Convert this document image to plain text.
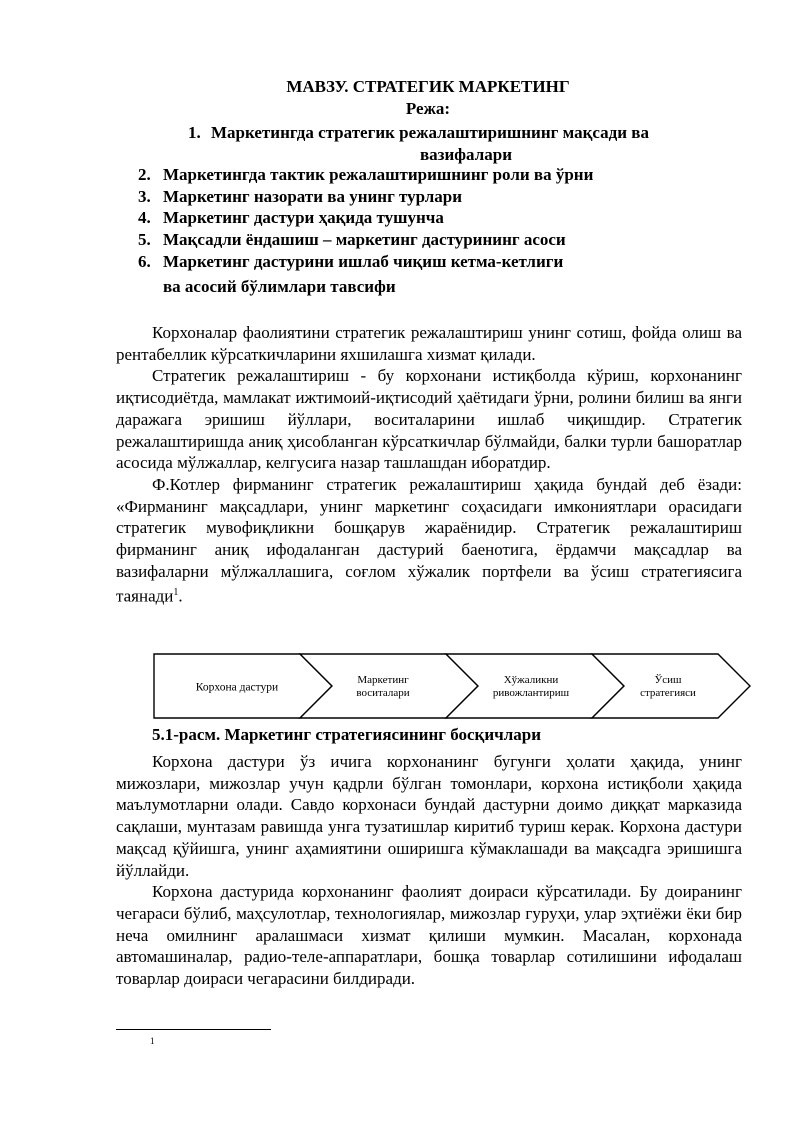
МАВЗУ. СТРАТЕГИК МАРКЕТИНГ
Режа:
1. Маркетингда стратегик режалаштиришнинг мақсади ва
вазифалари
2. Маркетингда тактик режалаштиришнинг роли ва ўрни
3. Маркетинг назорати ва унинг турлари
4. Маркетинг дастури ҳақида тушунча
5. Мақсадли ёндашиш – маркетинг дастурининг асоси
6. Маркетинг дастурини ишлаб чиқиш кетма-кетлиги
ва асосий бўлимлари тавсифи

Корхоналар фаолиятини стратегик режалаштириш унинг сотиш, фойда олиш ва рентабеллик кўрсаткичларини яхшилашга хизмат қилади.

Стратегик режалаштириш - бу корхонани истиқболда кўриш, корхонанинг иқтисодиётда, мамлакат ижтимоий-иқтисодий ҳаётидаги ўрни, ролини билиш ва янги даражага эришиш йўллари, воситаларини ишлаб чиқишдир. Стратегик режалаштиришда аниқ ҳисобланган кўрсаткичлар бўлмайди, балки турли башоратлар асосида мўлжаллар, келгусига назар ташлашдан иборатдир.

Ф.Котлер фирманинг стратегик режалаштириш ҳақида бундай деб ёзади: «Фирманинг мақсадлари, унинг маркетинг соҳасидаги имкониятлари орасидаги стратегик мувофиқликни бошқарув жараёнидир. Стратегик режалаштириш фирманинг аниқ ифодаланган дастурий баенотига, ёрдамчи мақсадлар ва вазифаларни мўлжаллашига, соғлом хўжалик портфели ва ўсиш стратегиясига таянади$^1$.

Корхона дастури
Маркетинг
воситалари
Хўжаликни
ривожлантириш
Ўсиш
стратегияси
5.1-расм. Маркетинг стратегиясининг босқичлари

Корхона дастури ўз ичига корхонанинг бугунги ҳолати ҳақида, унинг мижозлари, мижозлар учун қадрли бўлган томонлари, корхона истиқболи ҳақида маълумотларни олади. Савдо корхонаси бундай дастурни доимо диққат марказида сақлаши, мунтазам равишда унга тузатишлар киритиб туриш керак. Корхона дастури мақсад қўйишга, унинг аҳамиятини оширишга кўмаклашади ва мақсадга эришишга йўллайди.

Корхона дастурида корхонанинг фаолият доираси кўрсатилади. Бу доиранинг чегараси бўлиб, маҳсулотлар, технологиялар, мижозлар гуруҳи, улар эҳтиёжи ёки бир неча омилнинг аралашмаси хизмат қилиши мумкин. Масалан, корхонада автомашиналар, радио-теле-аппаратлари, бошқа товарлар сотилишини ифодалаш товарлар доираси чегарасини билдиради.

1
